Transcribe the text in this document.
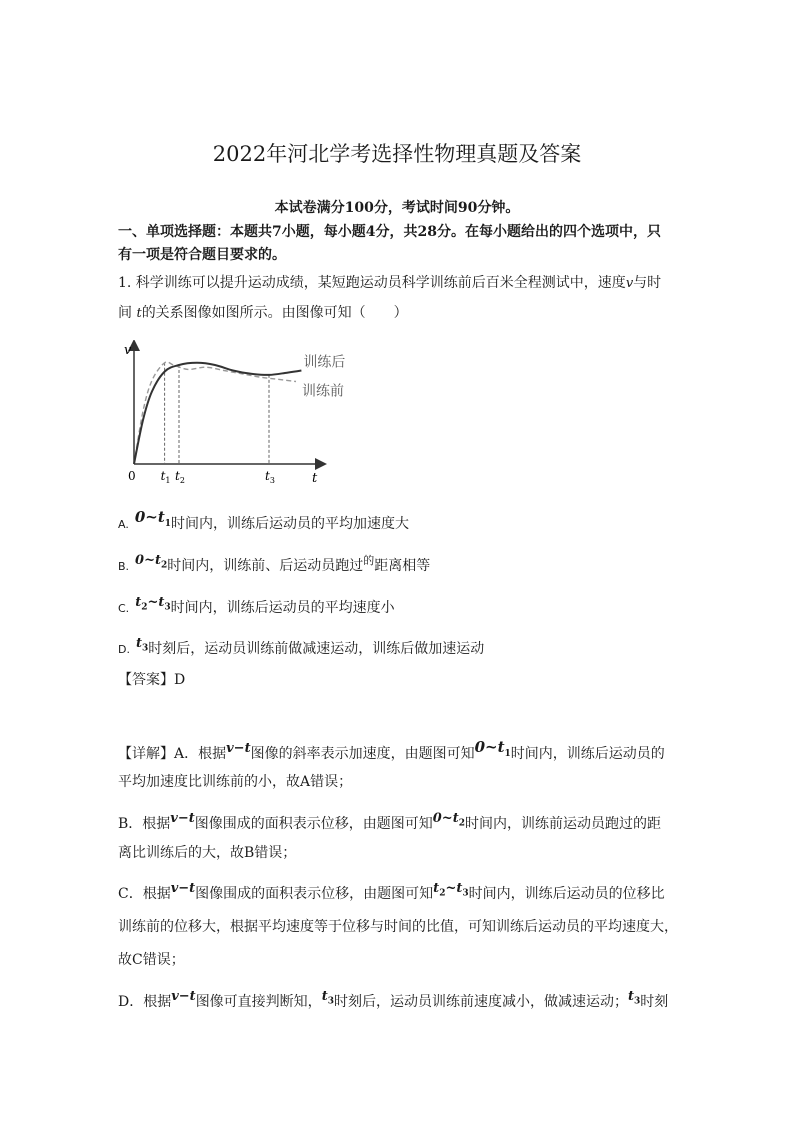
2022年河北学考选择性物理真题及答案
本试卷满分100分，考试时间90分钟。
一、单项选择题：本题共7小题，每小题4分，共28分。在每小题给出的四个选项中，只
有一项是符合题目要求的。
1. 科学训练可以提升运动成绩，某短跑运动员科学训练前后百米全程测试中，速度v与时
间 t的关系图像如图所示。由图像可知（　　）
$t_1$ $t_2$	$t_3$
训练后
训练前
v
t
0
A. $0\sim t_1$时间内，训练后运动员的平均加速度大
B. $0\sim t_2$时间内，训练前、后运动员跑过$^的$距离相等
C. $t_2\sim t_3$时间内，训练后运动员的平均速度小
D. $t_3$时刻后，运动员训练前做减速运动，训练后做加速运动
【答案】D
【详解】A．根据v−t图像的斜率表示加速度，由题图可知$0\sim t_1$时间内，训练后运动员的
平均加速度比训练前的小，故A错误；
B．根据v−t图像围成的面积表示位移，由题图可知$0\sim t_2$时间内，训练前运动员跑过的距
离比训练后的大，故B错误；
C．根据v−t图像围成的面积表示位移，由题图可知$t_2\sim t_3$时间内，训练后运动员的位移比
训练前的位移大，根据平均速度等于位移与时间的比值，可知训练后运动员的平均速度大，
故C错误；
D．根据v−t图像可直接判断知，$t_3$时刻后，运动员训练前速度减小，做减速运动；$t_3$时刻
